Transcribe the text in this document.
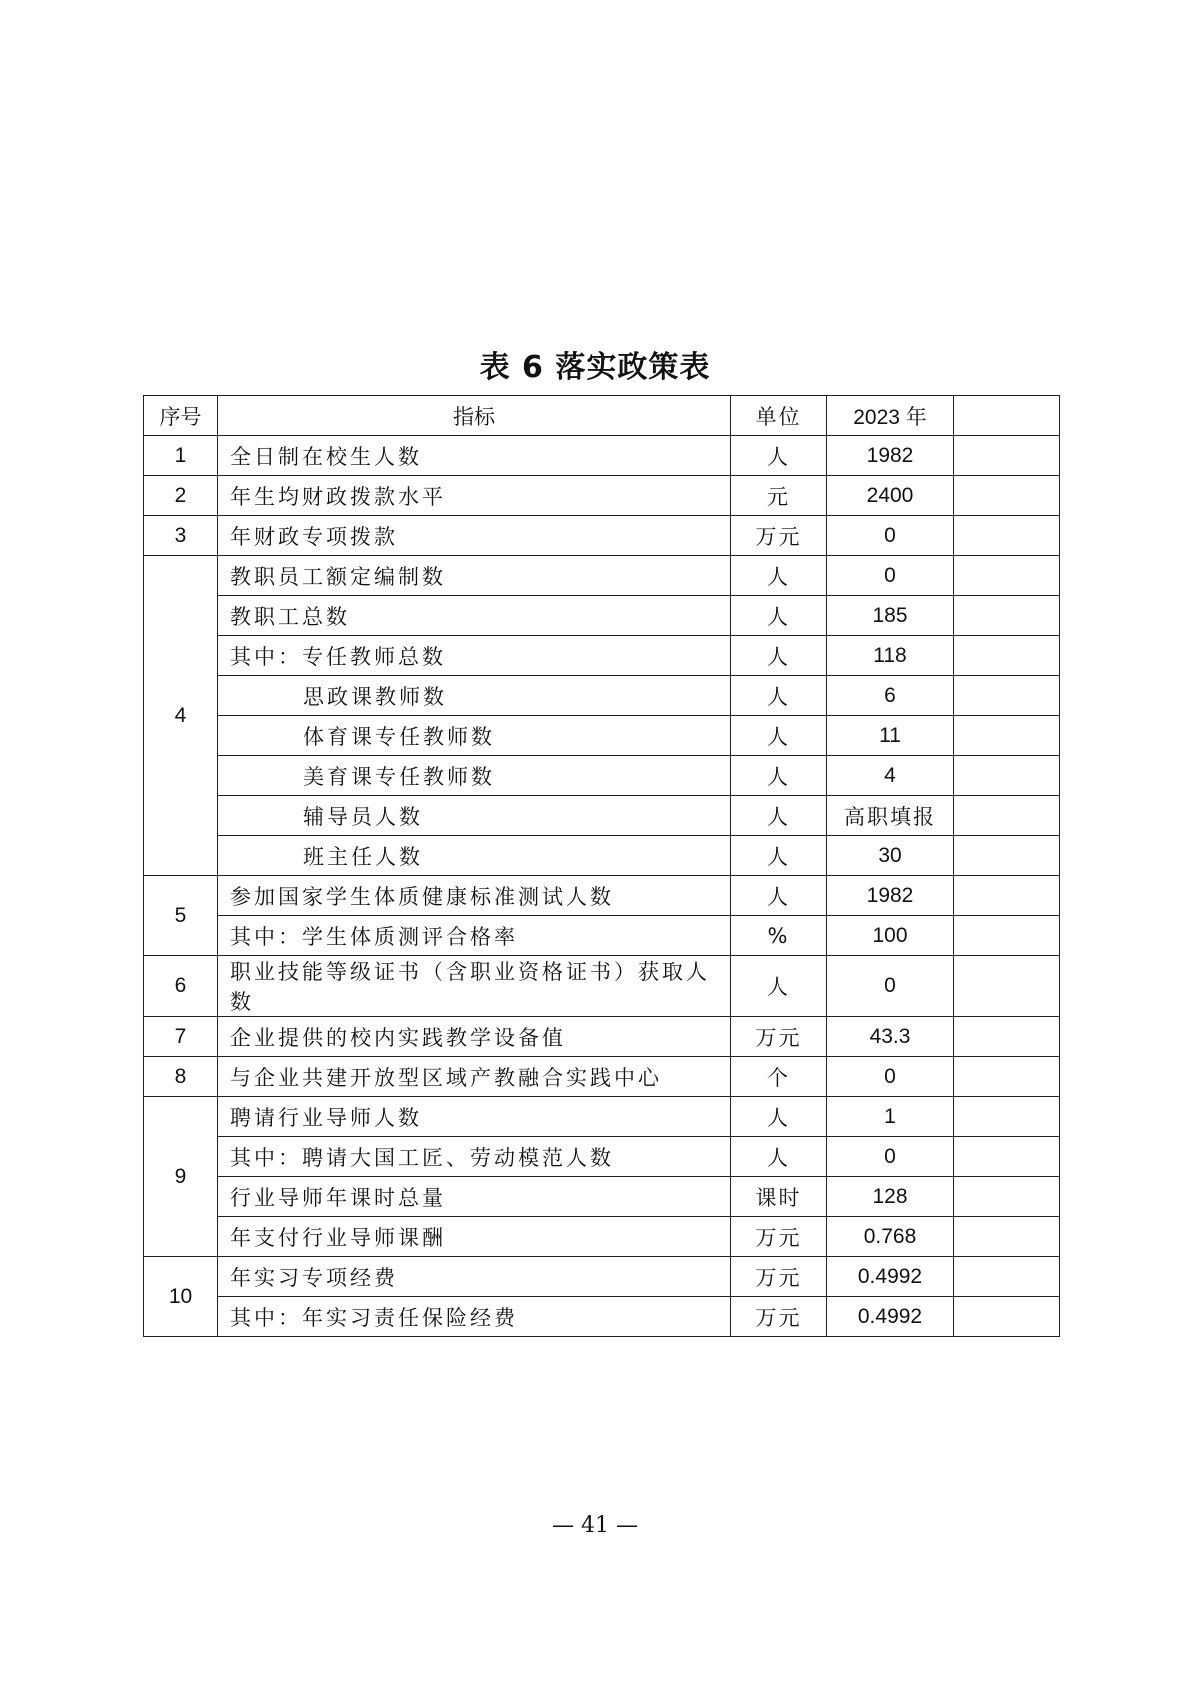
表 6 落实政策表
序号	指标	单位	2023 年	
1	全日制在校生人数	人	1982	
2	年生均财政拨款水平	元	2400	
3	年财政专项拨款	万元	0	
4	教职员工额定编制数	人	0	
	教职工总数	人	185	
	其中：专任教师总数	人	118	
	思政课教师数	人	6	
	体育课专任教师数	人	11	
	美育课专任教师数	人	4	
	辅导员人数	人	高职填报	
	班主任人数	人	30	
5	参加国家学生体质健康标准测试人数	人	1982	
	其中：学生体质测评合格率	%	100	
6	职业技能等级证书（含职业资格证书）获取人数	人	0	
7	企业提供的校内实践教学设备值	万元	43.3	
8	与企业共建开放型区域产教融合实践中心	个	0	
9	聘请行业导师人数	人	1	
	其中：聘请大国工匠、劳动模范人数	人	0	
	行业导师年课时总量	课时	128	
	年支付行业导师课酬	万元	0.768	
10	年实习专项经费	万元	0.4992	
	其中：年实习责任保险经费	万元	0.4992	
— 41 —
